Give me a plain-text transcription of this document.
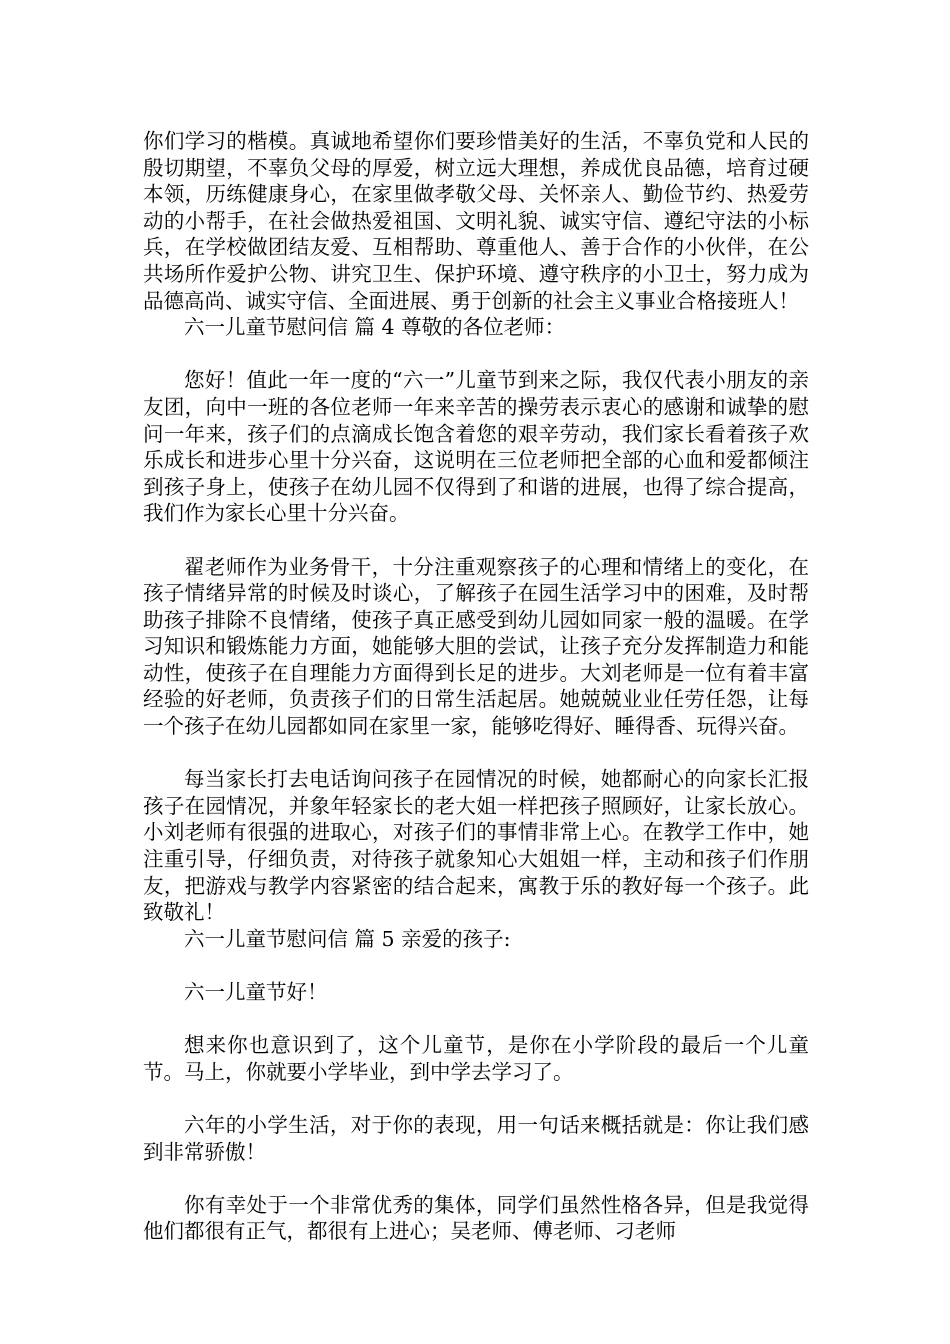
你们学习的楷模。真诚地希望你们要珍惜美好的生活，不辜负党和人民的殷切期望，不辜负父母的厚爱，树立远大理想，养成优良品德，培育过硬本领，历练健康身心，在家里做孝敬父母、关怀亲人、勤俭节约、热爱劳动的小帮手，在社会做热爱祖国、文明礼貌、诚实守信、遵纪守法的小标兵，在学校做团结友爱、互相帮助、尊重他人、善于合作的小伙伴，在公共场所作爱护公物、讲究卫生、保护环境、遵守秩序的小卫士，努力成为品德高尚、诚实守信、全面进展、勇于创新的社会主义事业合格接班人！

六一儿童节慰问信 篇 4 尊敬的各位老师：

您好！值此一年一度的“六一”儿童节到来之际，我仅代表小朋友的亲友团，向中一班的各位老师一年来辛苦的操劳表示衷心的感谢和诚挚的慰问一年来，孩子们的点滴成长饱含着您的艰辛劳动，我们家长看着孩子欢乐成长和进步心里十分兴奋，这说明在三位老师把全部的心血和爱都倾注到孩子身上，使孩子在幼儿园不仅得到了和谐的进展，也得了综合提高，我们作为家长心里十分兴奋。

翟老师作为业务骨干，十分注重观察孩子的心理和情绪上的变化，在孩子情绪异常的时候及时谈心，了解孩子在园生活学习中的困难，及时帮助孩子排除不良情绪，使孩子真正感受到幼儿园如同家一般的温暖。在学习知识和锻炼能力方面，她能够大胆的尝试，让孩子充分发挥制造力和能动性，使孩子在自理能力方面得到长足的进步。大刘老师是一位有着丰富经验的好老师，负责孩子们的日常生活起居。她兢兢业业任劳任怨，让每一个孩子在幼儿园都如同在家里一家，能够吃得好、睡得香、玩得兴奋。

每当家长打去电话询问孩子在园情况的时候，她都耐心的向家长汇报孩子在园情况，并象年轻家长的老大姐一样把孩子照顾好，让家长放心。小刘老师有很强的进取心，对孩子们的事情非常上心。在教学工作中，她注重引导，仔细负责，对待孩子就象知心大姐姐一样，主动和孩子们作朋友，把游戏与教学内容紧密的结合起来，寓教于乐的教好每一个孩子。此致敬礼！

六一儿童节慰问信 篇 5 亲爱的孩子:

六一儿童节好！

想来你也意识到了，这个儿童节，是你在小学阶段的最后一个儿童节。马上，你就要小学毕业，到中学去学习了。

六年的小学生活，对于你的表现，用一句话来概括就是：你让我们感到非常骄傲！

你有幸处于一个非常优秀的集体，同学们虽然性格各异，但是我觉得他们都很有正气，都很有上进心；吴老师、傅老师、刁老师
